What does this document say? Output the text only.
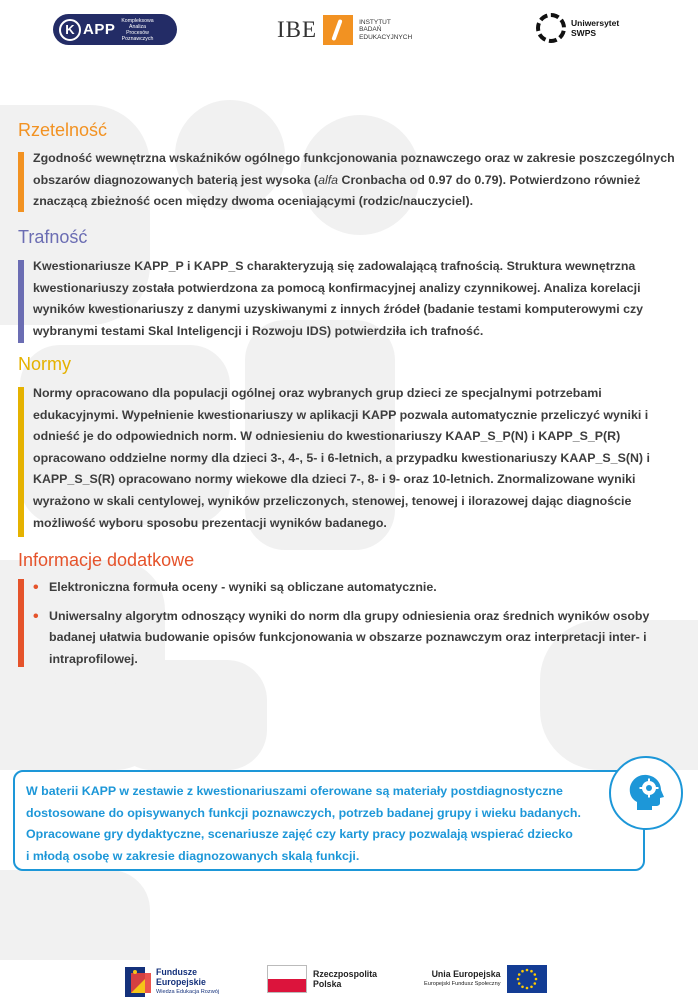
K APP
Kompleksowa
Analiza
Procesów
Poznawczych	IBE	INSTYTUT
BADAŃ
EDUKACYJNYCH
Uniwersytet
SWPS
Rzetelność
Zgodność wewnętrzna wskaźników ogólnego funkcjonowania poznawczego oraz w zakresie poszczególnych obszarów diagnozowanych baterią jest wysoka (alfa Cronbacha od 0.97 do 0.79). Potwierdzono również znaczącą zbieżność ocen między dwoma oceniającymi (rodzic/nauczyciel).
Trafność
Kwestionariusze KAPP_P i KAPP_S charakteryzują się zadowalającą trafnością. Struktura wewnętrzna kwestionariuszy została potwierdzona za pomocą konfirmacyjnej analizy czynnikowej. Analiza korelacji wyników kwestionariuszy z danymi uzyskiwanymi z innych źródeł (badanie testami komputerowymi czy wybranymi testami Skal Inteligencji i Rozwoju IDS) potwierdziła ich trafność.
Normy
Normy opracowano dla populacji ogólnej oraz wybranych grup dzieci ze specjalnymi potrzebami edukacyjnymi. Wypełnienie kwestionariuszy w aplikacji KAPP pozwala automatycznie przeliczyć wyniki i odnieść je do odpowiednich norm. W odniesieniu do kwestionariuszy KAAP_S_P(N) i KAPP_S_P(R) opracowano oddzielne normy dla dzieci 3-, 4-, 5- i 6-letnich, a przypadku kwestionariuszy KAAP_S_S(N) i KAPP_S_S(R) opracowano normy wiekowe dla dzieci 7-, 8- i 9- oraz 10-letnich. Znormalizowane wyniki wyrażono w skali centylowej, wyników przeliczonych, stenowej, tenowej i ilorazowej dając diagnoście możliwość wyboru sposobu prezentacji wyników badanego.
Informacje dodatkowe
• Elektroniczna formuła oceny - wyniki są obliczane automatycznie.
• Uniwersalny algorytm odnoszący wyniki do norm dla grupy odniesienia oraz średnich wyników osoby badanej ułatwia budowanie opisów funkcjonowania w obszarze poznawczym oraz interpretacji inter- i intraprofilowej.
W baterii KAPP w zestawie z kwestionariuszami oferowane są materiały postdiagnostyczne
dostosowane do opisywanych funkcji poznawczych, potrzeb badanej grupy i wieku badanych.
Opracowane gry dydaktyczne, scenariusze zajęć czy karty pracy pozwalają wspierać dziecko
i młodą osobę w zakresie diagnozowanych skalą funkcji.
Fundusze
Europejskie
Wiedza Edukacja Rozwój
Rzeczpospolita
Polska
Unia Europejska
Europejski Fundusz Społeczny
